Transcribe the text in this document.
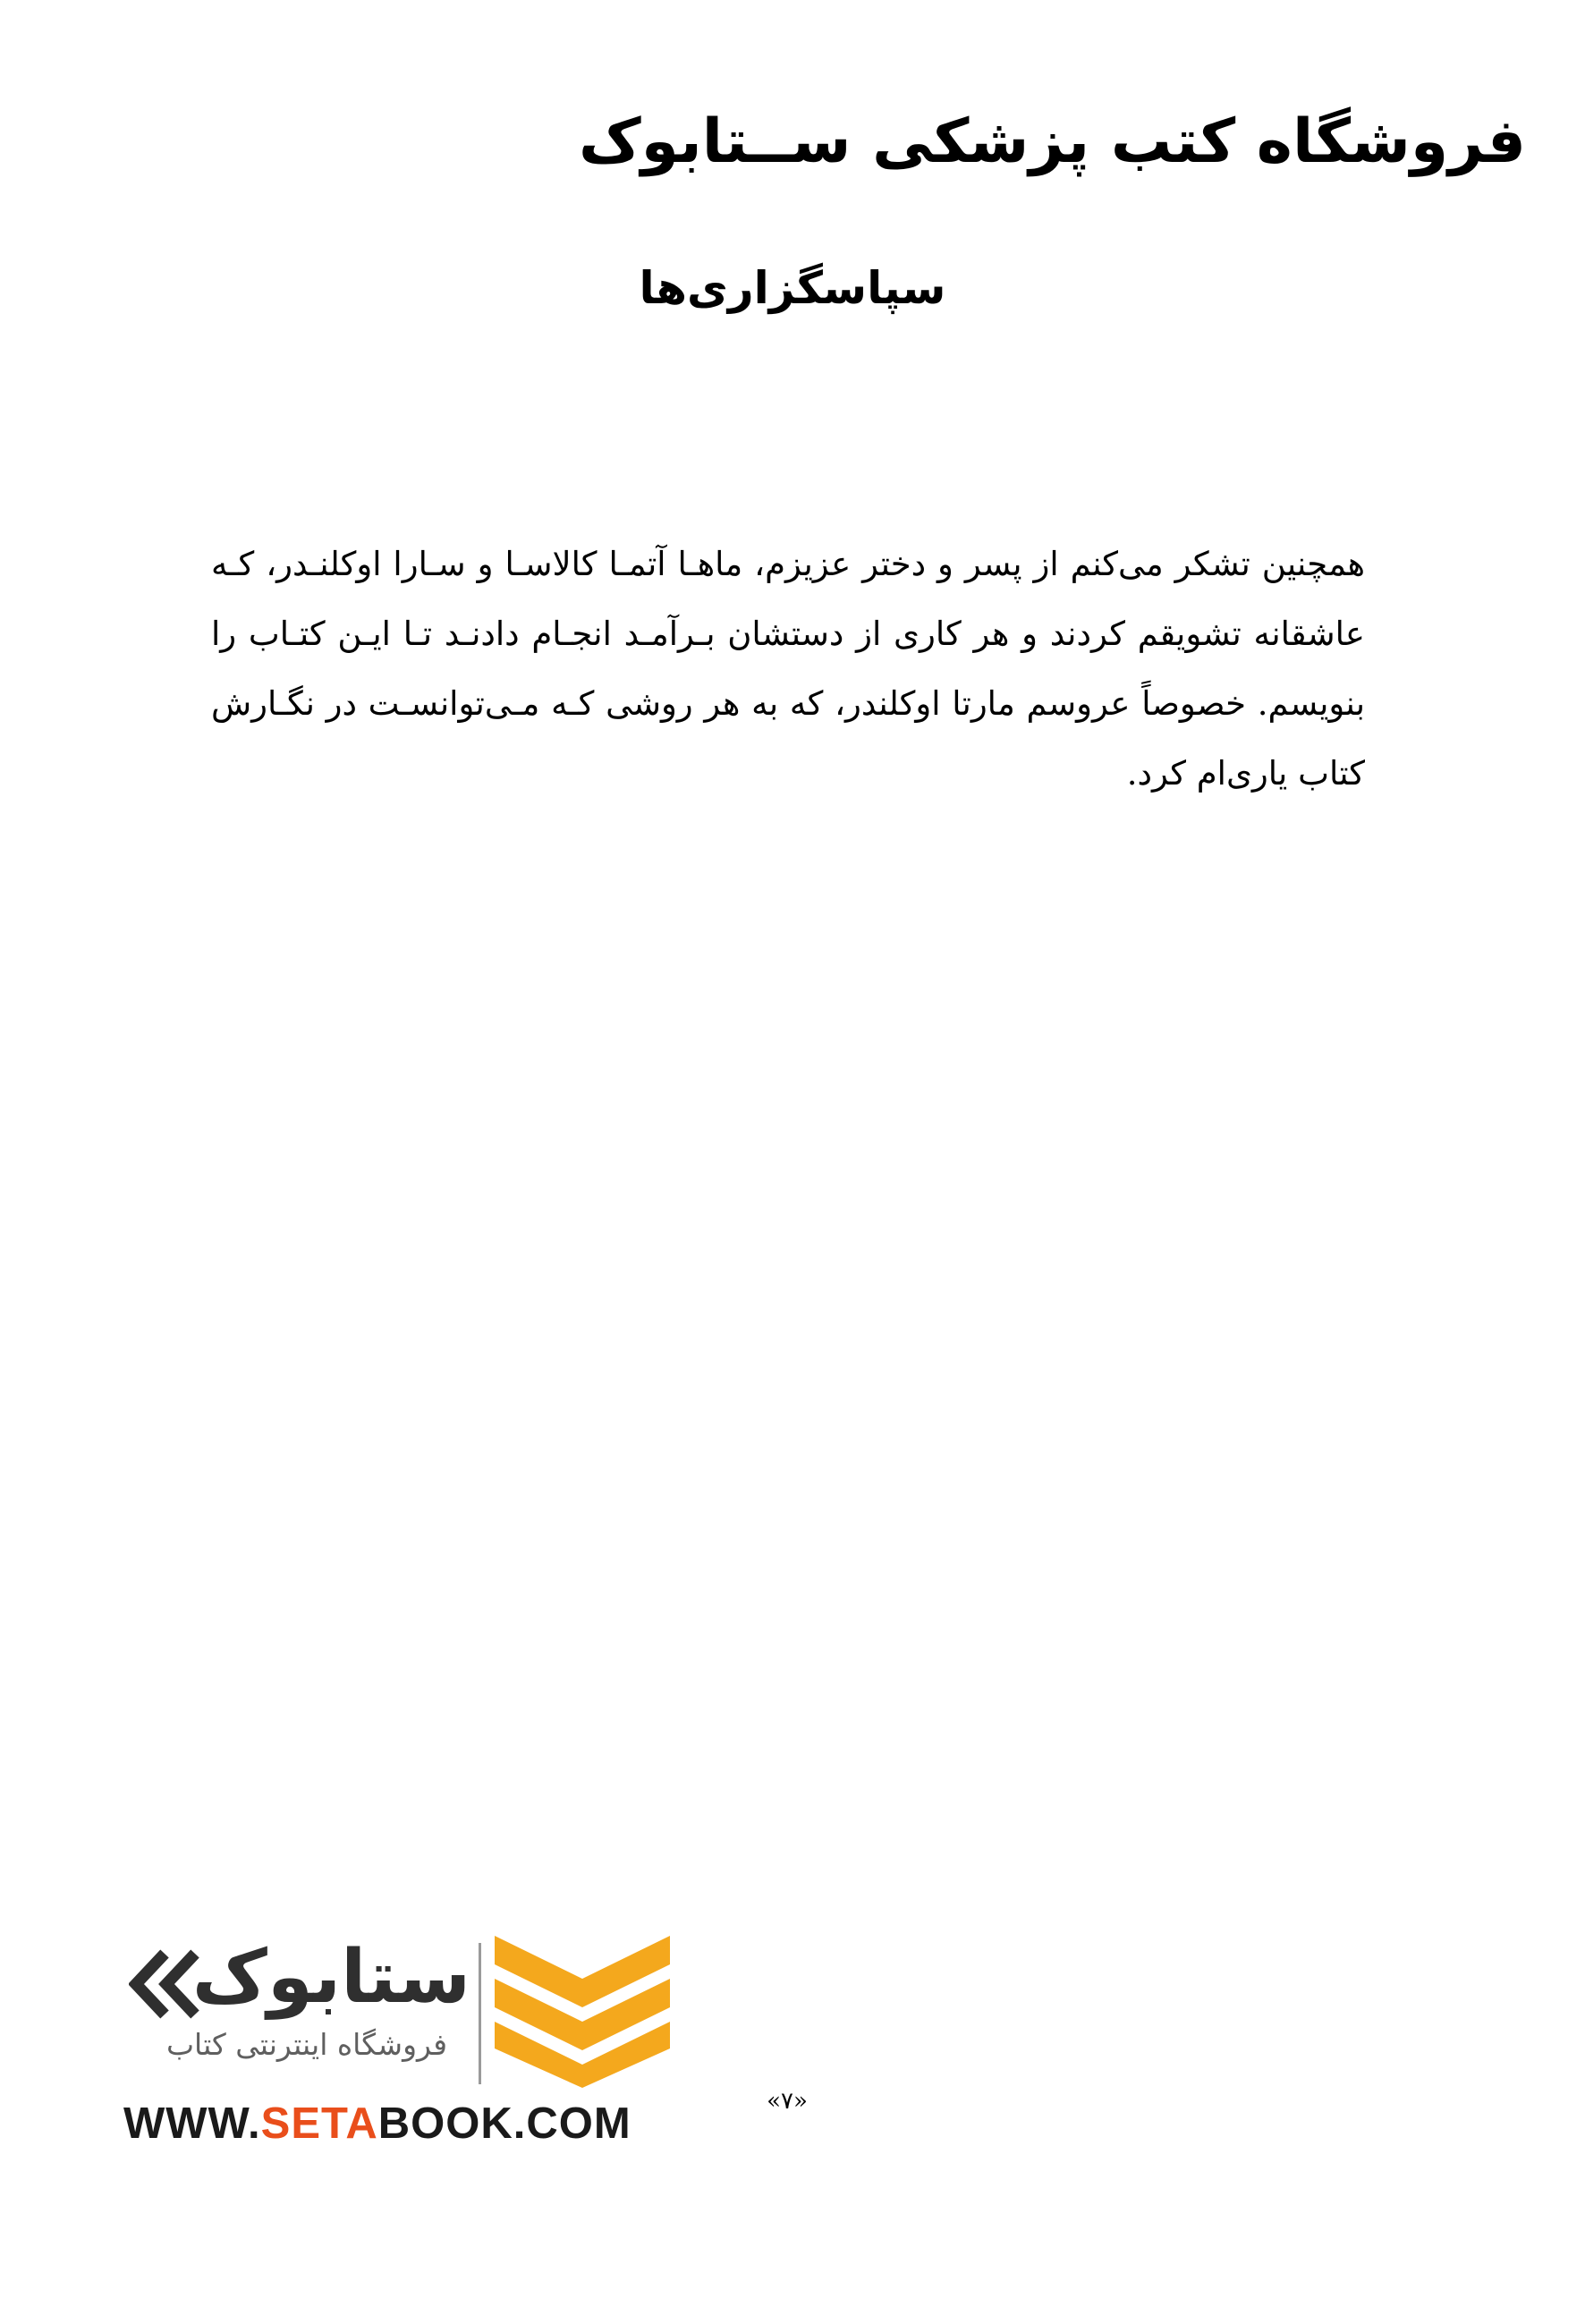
فروشگاه کتب پزشکی ســتابوک
سپاسگزاری‌ها

همچنین تشکر می‌کنم از پسر و دختر عزیزم، ماهـا آتمـا کالاسـا و سـارا اوکلنـدر، کـه عاشقانه تشویقم کردند و هر کاری از دستشان بـرآمـد انجـام دادنـد تـا ایـن کتـاب را بنویسم. خصوصاً عروسم مارتا اوکلندر، که به هر روشی کـه مـی‌توانسـت در نگـارش کتاب یاری‌ام کرد.

ستابوک
فروشگاه اینترنتی کتاب
WWW.SETABOOK.COM	«۷»
